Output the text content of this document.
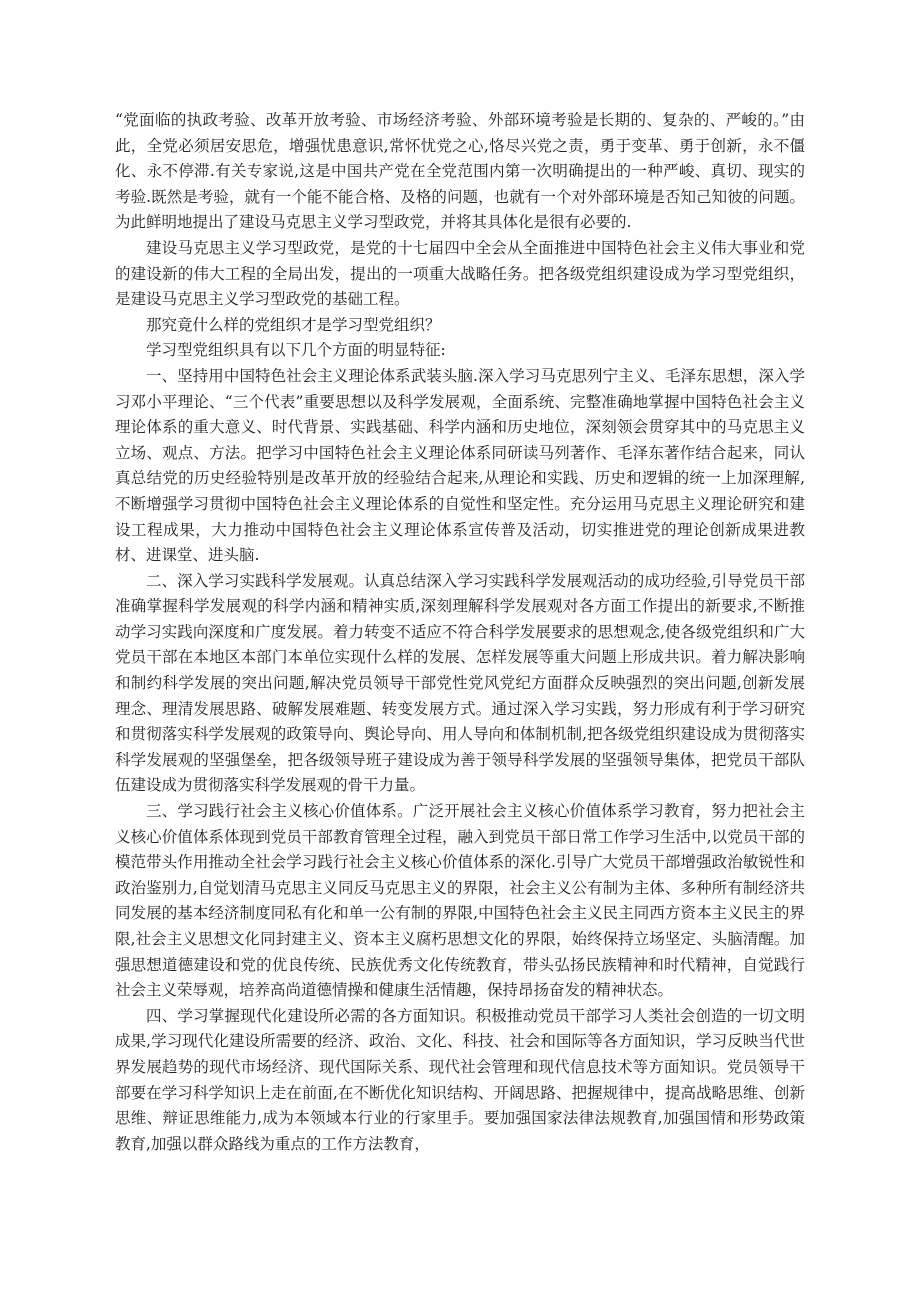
“党面临的执政考验、改革开放考验、市场经济考验、外部环境考验是长期的、复杂的、严峻的。”由此，全党必须居安思危，增强忧患意识,常怀忧党之心,恪尽兴党之责，勇于变革、勇于创新，永不僵化、永不停滞.有关专家说,这是中国共产党在全党范围内第一次明确提出的一种严峻、真切、现实的考验.既然是考验，就有一个能不能合格、及格的问题，也就有一个对外部环境是否知己知彼的问题。为此鲜明地提出了建设马克思主义学习型政党，并将其具体化是很有必要的.

建设马克思主义学习型政党，是党的十七届四中全会从全面推进中国特色社会主义伟大事业和党的建设新的伟大工程的全局出发，提出的一项重大战略任务。把各级党组织建设成为学习型党组织，是建设马克思主义学习型政党的基础工程。

那究竟什么样的党组织才是学习型党组织？

学习型党组织具有以下几个方面的明显特征:

一、坚持用中国特色社会主义理论体系武装头脑.深入学习马克思列宁主义、毛泽东思想，深入学习邓小平理论、“三个代表”重要思想以及科学发展观，全面系统、完整准确地掌握中国特色社会主义理论体系的重大意义、时代背景、实践基础、科学内涵和历史地位，深刻领会贯穿其中的马克思主义立场、观点、方法。把学习中国特色社会主义理论体系同研读马列著作、毛泽东著作结合起来，同认真总结党的历史经验特别是改革开放的经验结合起来,从理论和实践、历史和逻辑的统一上加深理解,不断增强学习贯彻中国特色社会主义理论体系的自觉性和坚定性。充分运用马克思主义理论研究和建设工程成果，大力推动中国特色社会主义理论体系宣传普及活动，切实推进党的理论创新成果进教材、进课堂、进头脑.

二、深入学习实践科学发展观。认真总结深入学习实践科学发展观活动的成功经验,引导党员干部准确掌握科学发展观的科学内涵和精神实质,深刻理解科学发展观对各方面工作提出的新要求,不断推动学习实践向深度和广度发展。着力转变不适应不符合科学发展要求的思想观念,使各级党组织和广大党员干部在本地区本部门本单位实现什么样的发展、怎样发展等重大问题上形成共识。着力解决影响和制约科学发展的突出问题,解决党员领导干部党性党风党纪方面群众反映强烈的突出问题,创新发展理念、理清发展思路、破解发展难题、转变发展方式。通过深入学习实践，努力形成有利于学习研究和贯彻落实科学发展观的政策导向、舆论导向、用人导向和体制机制,把各级党组织建设成为贯彻落实科学发展观的坚强堡垒，把各级领导班子建设成为善于领导科学发展的坚强领导集体，把党员干部队伍建设成为贯彻落实科学发展观的骨干力量。

三、学习践行社会主义核心价值体系。广泛开展社会主义核心价值体系学习教育，努力把社会主义核心价值体系体现到党员干部教育管理全过程，融入到党员干部日常工作学习生活中,以党员干部的模范带头作用推动全社会学习践行社会主义核心价值体系的深化.引导广大党员干部增强政治敏锐性和政治鉴别力,自觉划清马克思主义同反马克思主义的界限，社会主义公有制为主体、多种所有制经济共同发展的基本经济制度同私有化和单一公有制的界限,中国特色社会主义民主同西方资本主义民主的界限,社会主义思想文化同封建主义、资本主义腐朽思想文化的界限，始终保持立场坚定、头脑清醒。加强思想道德建设和党的优良传统、民族优秀文化传统教育，带头弘扬民族精神和时代精神，自觉践行社会主义荣辱观，培养高尚道德情操和健康生活情趣，保持昂扬奋发的精神状态。

四、学习掌握现代化建设所必需的各方面知识。积极推动党员干部学习人类社会创造的一切文明成果,学习现代化建设所需要的经济、政治、文化、科技、社会和国际等各方面知识，学习反映当代世界发展趋势的现代市场经济、现代国际关系、现代社会管理和现代信息技术等方面知识。党员领导干部要在学习科学知识上走在前面,在不断优化知识结构、开阔思路、把握规律中，提高战略思维、创新思维、辩证思维能力,成为本领域本行业的行家里手。要加强国家法律法规教育,加强国情和形势政策教育,加强以群众路线为重点的工作方法教育，
